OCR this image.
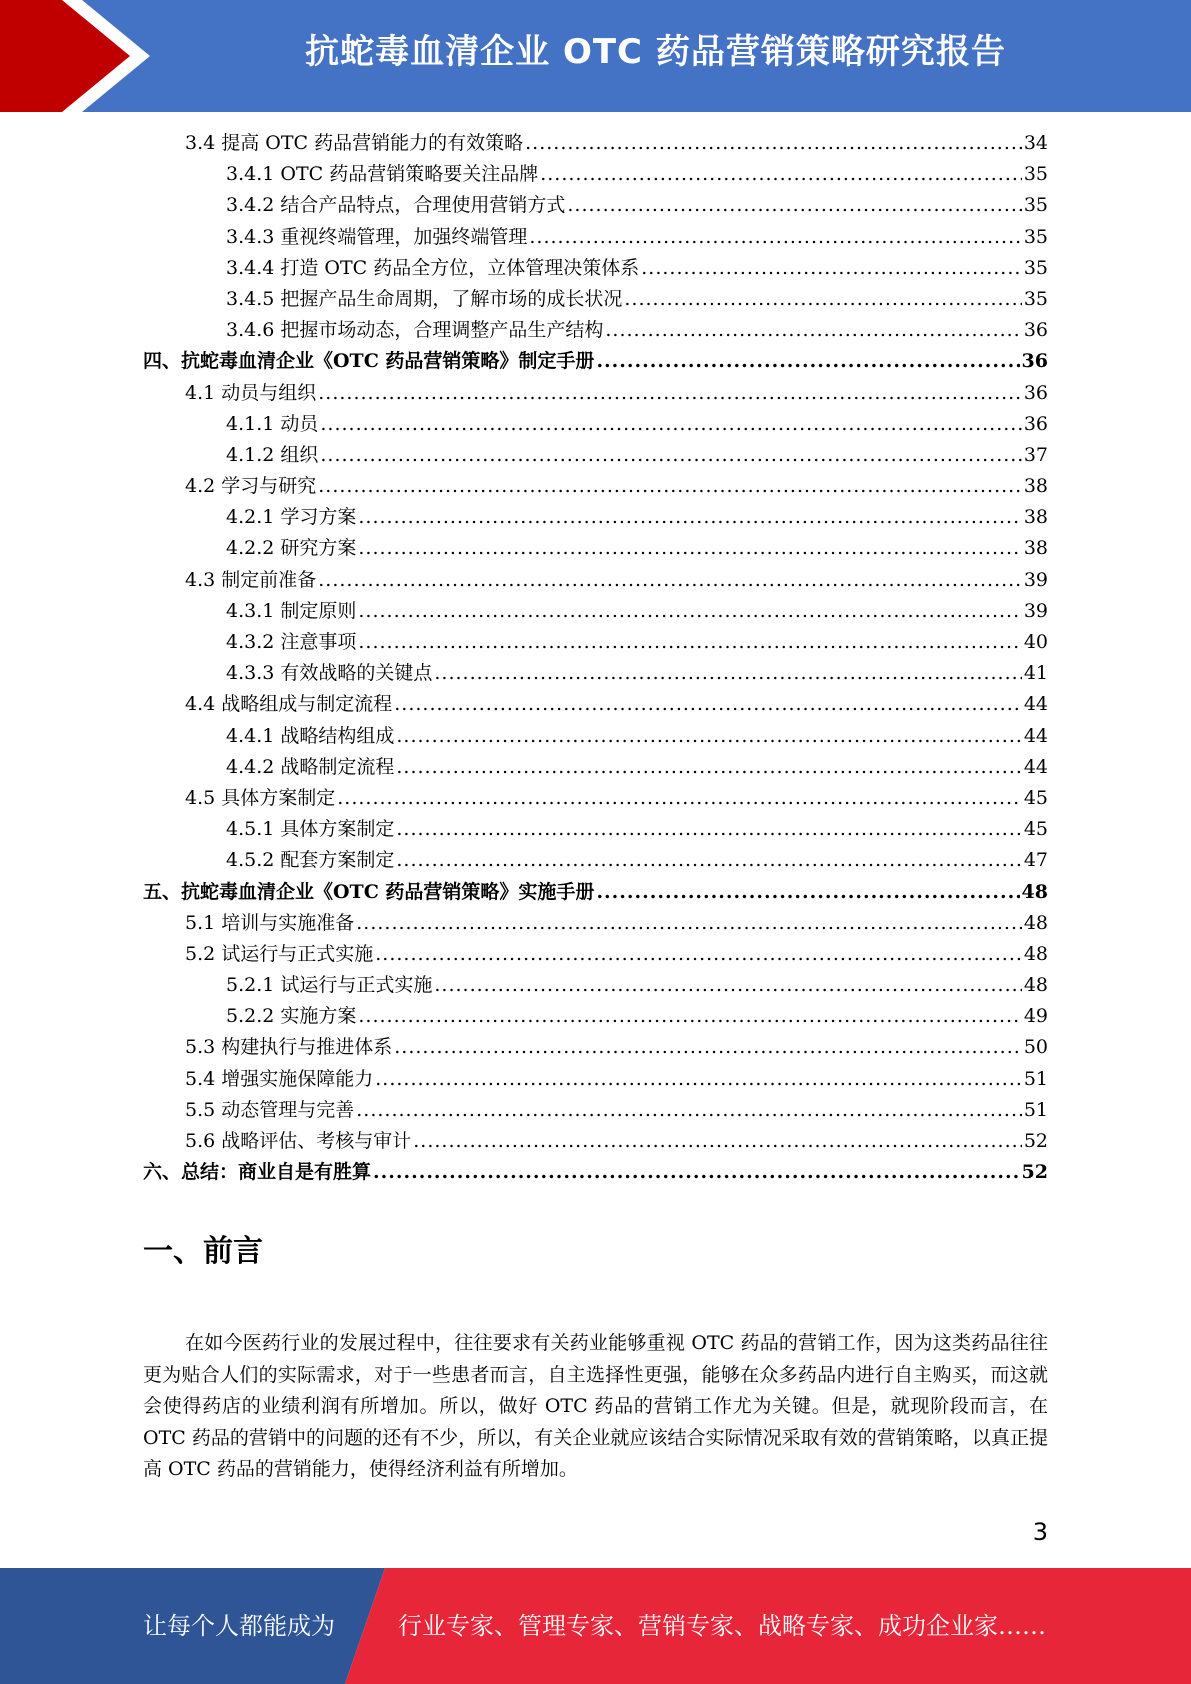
抗蛇毒血清企业 OTC 药品营销策略研究报告
3.4 提高 OTC 药品营销能力的有效策略 .....	34
3.4.1 OTC 药品营销策略要关注品牌 .....	35
3.4.2 结合产品特点，合理使用营销方式 .....	35
3.4.3 重视终端管理，加强终端管理 .....	35
3.4.4 打造 OTC 药品全方位，立体管理决策体系 .....	35
3.4.5 把握产品生命周期，了解市场的成长状况 .....	35
3.4.6 把握市场动态，合理调整产品生产结构 .....	36
四、抗蛇毒血清企业《OTC 药品营销策略》制定手册 .....	36
4.1 动员与组织 .....	36
4.1.1 动员 .....	36
4.1.2 组织 .....	37
4.2 学习与研究 .....	38
4.2.1 学习方案 .....	38
4.2.2 研究方案 .....	38
4.3 制定前准备 .....	39
4.3.1 制定原则 .....	39
4.3.2 注意事项 .....	40
4.3.3 有效战略的关键点 .....	41
4.4 战略组成与制定流程 .....	44
4.4.1 战略结构组成 .....	44
4.4.2 战略制定流程 .....	44
4.5 具体方案制定 .....	45
4.5.1 具体方案制定 .....	45
4.5.2 配套方案制定 .....	47
五、抗蛇毒血清企业《OTC 药品营销策略》实施手册 .....	48
5.1 培训与实施准备 .....	48
5.2 试运行与正式实施 .....	48
5.2.1 试运行与正式实施 .....	48
5.2.2 实施方案 .....	49
5.3 构建执行与推进体系 .....	50
5.4 增强实施保障能力 .....	51
5.5 动态管理与完善 .....	51
5.6 战略评估、考核与审计 .....	52
六、总结：商业自是有胜算 .....	52
一、前言
在如今医药行业的发展过程中，往往要求有关药业能够重视 OTC 药品的营销工作，因为这类药品往往更为贴合人们的实际需求，对于一些患者而言，自主选择性更强，能够在众多药品内进行自主购买，而这就会使得药店的业绩利润有所增加。所以，做好 OTC 药品的营销工作尤为关键。但是，就现阶段而言，在 OTC 药品的营销中的问题的还有不少，所以，有关企业就应该结合实际情况采取有效的营销策略，以真正提高 OTC 药品的营销能力，使得经济利益有所增加。
3
让每个人都能成为	行业专家、管理专家、营销专家、战略专家、成功企业家……
